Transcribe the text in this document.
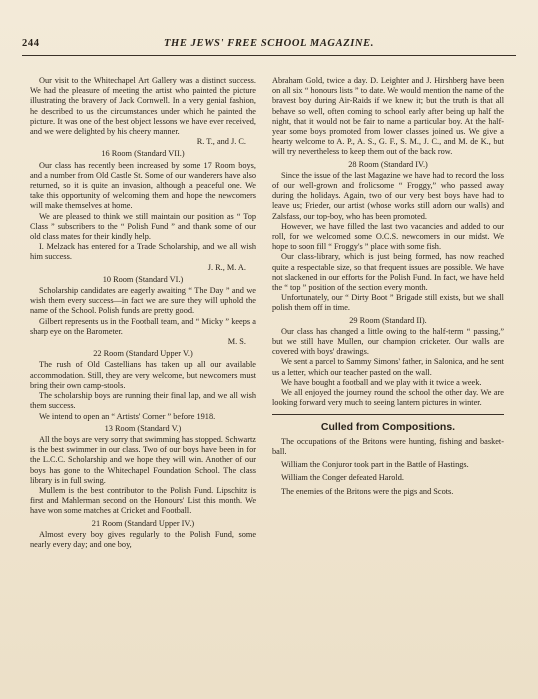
244	THE JEWS' FREE SCHOOL MAGAZINE.

Our visit to the Whitechapel Art Gallery was a distinct success. We had the pleasure of meeting the artist who painted the picture illustrating the bravery of Jack Cornwell. In a very genial fashion, he described to us the circumstances under which he painted the picture. It was one of the best object lessons we have ever received, and we were delighted by his cheery manner.

R. T., and J. C.

16 Room (Standard VII.)

Our class has recently been increased by some 17 Room boys, and a number from Old Castle St. Some of our wanderers have also returned, so it is quite an invasion, although a peaceful one. We take this opportunity of welcoming them and hope the newcomers will make themselves at home.

We are pleased to think we still maintain our position as “ Top Class ” subscribers to the “ Polish Fund ” and thank some of our old class mates for their kindly help.

I. Melzack has entered for a Trade Scholarship, and we all wish him success.

J. R., M. A.

10 Room (Standard VI.)

Scholarship candidates are eagerly awaiting “ The Day ” and we wish them every success—in fact we are sure they will uphold the name of the School. Polish funds are pretty good.

Gilbert represents us in the Football team, and “ Micky ” keeps a sharp eye on the Barometer.

M. S.

22 Room (Standard Upper V.)

The rush of Old Castellians has taken up all our available accommodation. Still, they are very welcome, but newcomers must bring their own camp-stools.

The scholarship boys are running their final lap, and we all wish them success.

We intend to open an “ Artists' Corner ” before 1918.

13 Room (Standard V.)

All the boys are very sorry that swimming has stopped. Schwartz is the best swimmer in our class. Two of our boys have been in for the L.C.C. Scholarship and we hope they will win. Another of our boys has gone to the Whitechapel Foundation School. The class library is in full swing.

Mullem is the best contributor to the Polish Fund. Lipschitz is first and Mahlerman second on the Honours' List this month. We have won some matches at Cricket and Football.

21 Room (Standard Upper IV.)

Almost every boy gives regularly to the Polish Fund, some nearly every day; and one boy,

Abraham Gold, twice a day. D. Leighter and J. Hirshberg have been on all six “ honours lists ” to date. We would mention the name of the bravest boy during Air-Raids if we knew it; but the truth is that all behave so well, often coming to school early after being up half the night, that it would not be fair to name a particular boy. At the half-year some boys promoted from lower classes joined us. We give a hearty welcome to A. P., A. S., G. F., S. M., J. C., and M. de K., but will try nevertheless to keep them out of the back row.

28 Room (Standard IV.)

Since the issue of the last Magazine we have had to record the loss of our well-grown and frolicsome “ Froggy,” who passed away during the holidays. Again, two of our very best boys have had to leave us; Frieder, our artist (whose works still adorn our walls) and Zalsfass, our top-boy, who has been promoted.

However, we have filled the last two vacancies and added to our roll, for we welcomed some O.C.S. newcomers in our midst. We hope to soon fill “ Froggy's ” place with some fish.

Our class-library, which is just being formed, has now reached quite a respectable size, so that frequent issues are possible. We have not slackened in our efforts for the Polish Fund. In fact, we have held the “ top ” position of the section every month.

Unfortunately, our “ Dirty Boot ” Brigade still exists, but we shall polish them off in time.

29 Room (Standard II).

Our class has changed a little owing to the half-term “ passing,” but we still have Mullen, our champion cricketer. Our walls are covered with boys' drawings.

We sent a parcel to Sammy Simons' father, in Salonica, and he sent us a letter, which our teacher pasted on the wall.

We have bought a football and we play with it twice a week.

We all enjoyed the journey round the school the other day. We are looking forward very much to seeing lantern pictures in winter.

Culled from Compositions.

The occupations of the Britons were hunting, fishing and basket-ball.

William the Conjuror took part in the Battle of Hastings.

William the Conger defeated Harold.

The enemies of the Britons were the pigs and Scots.
